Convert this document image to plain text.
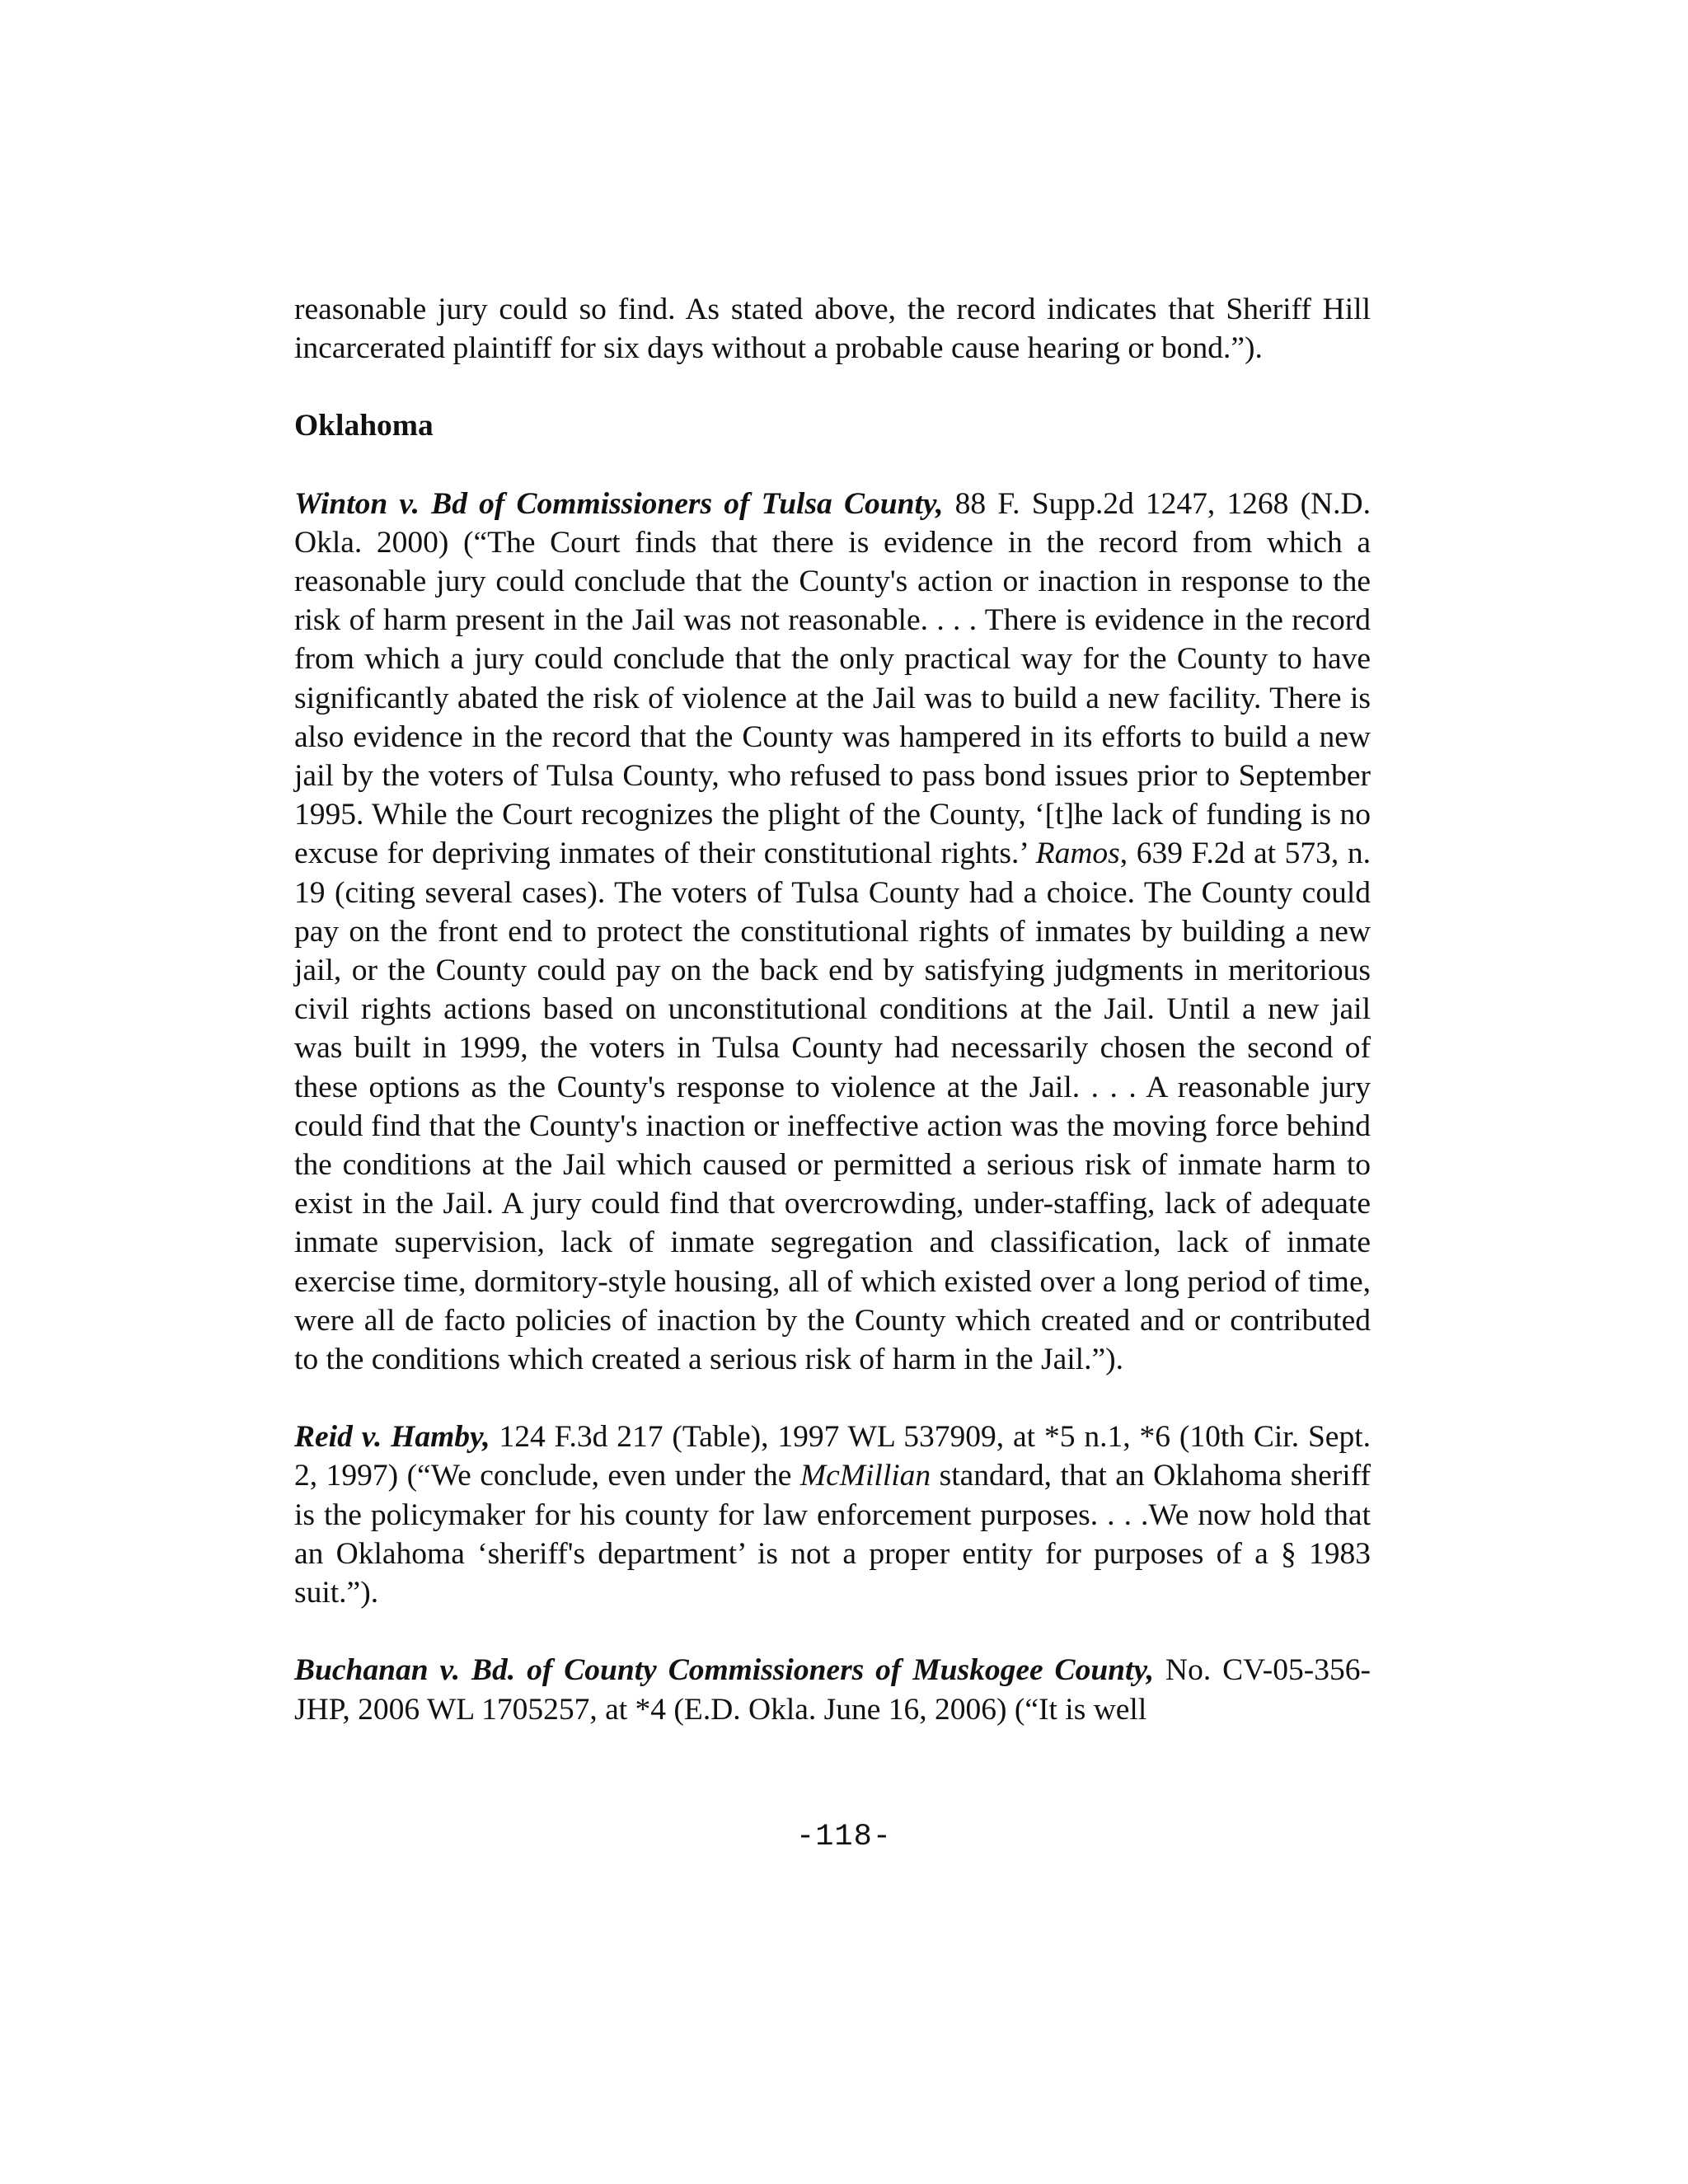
reasonable jury could so find. As stated above, the record indicates that Sheriff Hill incarcerated plaintiff for six days without a probable cause hearing or bond.”).

Oklahoma

Winton v. Bd of Commissioners of Tulsa County, 88 F. Supp.2d 1247, 1268 (N.D. Okla. 2000) (“The Court finds that there is evidence in the record from which a reasonable jury could conclude that the County's action or inaction in response to the risk of harm present in the Jail was not reasonable. . . . There is evidence in the record from which a jury could conclude that the only practical way for the County to have significantly abated the risk of violence at the Jail was to build a new facility. There is also evidence in the record that the County was hampered in its efforts to build a new jail by the voters of Tulsa County, who refused to pass bond issues prior to September 1995. While the Court recognizes the plight of the County, ‘[t]he lack of funding is no excuse for depriving inmates of their constitutional rights.’ Ramos, 639 F.2d at 573, n. 19 (citing several cases). The voters of Tulsa County had a choice. The County could pay on the front end to protect the constitutional rights of inmates by building a new jail, or the County could pay on the back end by satisfying judgments in meritorious civil rights actions based on unconstitutional conditions at the Jail. Until a new jail was built in 1999, the voters in Tulsa County had necessarily chosen the second of these options as the County's response to violence at the Jail. . . . A reasonable jury could find that the County's inaction or ineffective action was the moving force behind the conditions at the Jail which caused or permitted a serious risk of inmate harm to exist in the Jail. A jury could find that overcrowding, under-staffing, lack of adequate inmate supervision, lack of inmate segregation and classification, lack of inmate exercise time, dormitory-style housing, all of which existed over a long period of time, were all de facto policies of inaction by the County which created and or contributed to the conditions which created a serious risk of harm in the Jail.”).

Reid v. Hamby, 124 F.3d 217 (Table), 1997 WL 537909, at *5 n.1, *6 (10th Cir. Sept. 2, 1997) (“We conclude, even under the McMillian standard, that an Oklahoma sheriff is the policymaker for his county for law enforcement purposes. . . .We now hold that an Oklahoma ‘sheriff's department’ is not a proper entity for purposes of a § 1983 suit.”).

Buchanan v. Bd. of County Commissioners of Muskogee County, No. CV-05-356-JHP, 2006 WL 1705257, at *4 (E.D. Okla. June 16, 2006) (“It is well

-118-
